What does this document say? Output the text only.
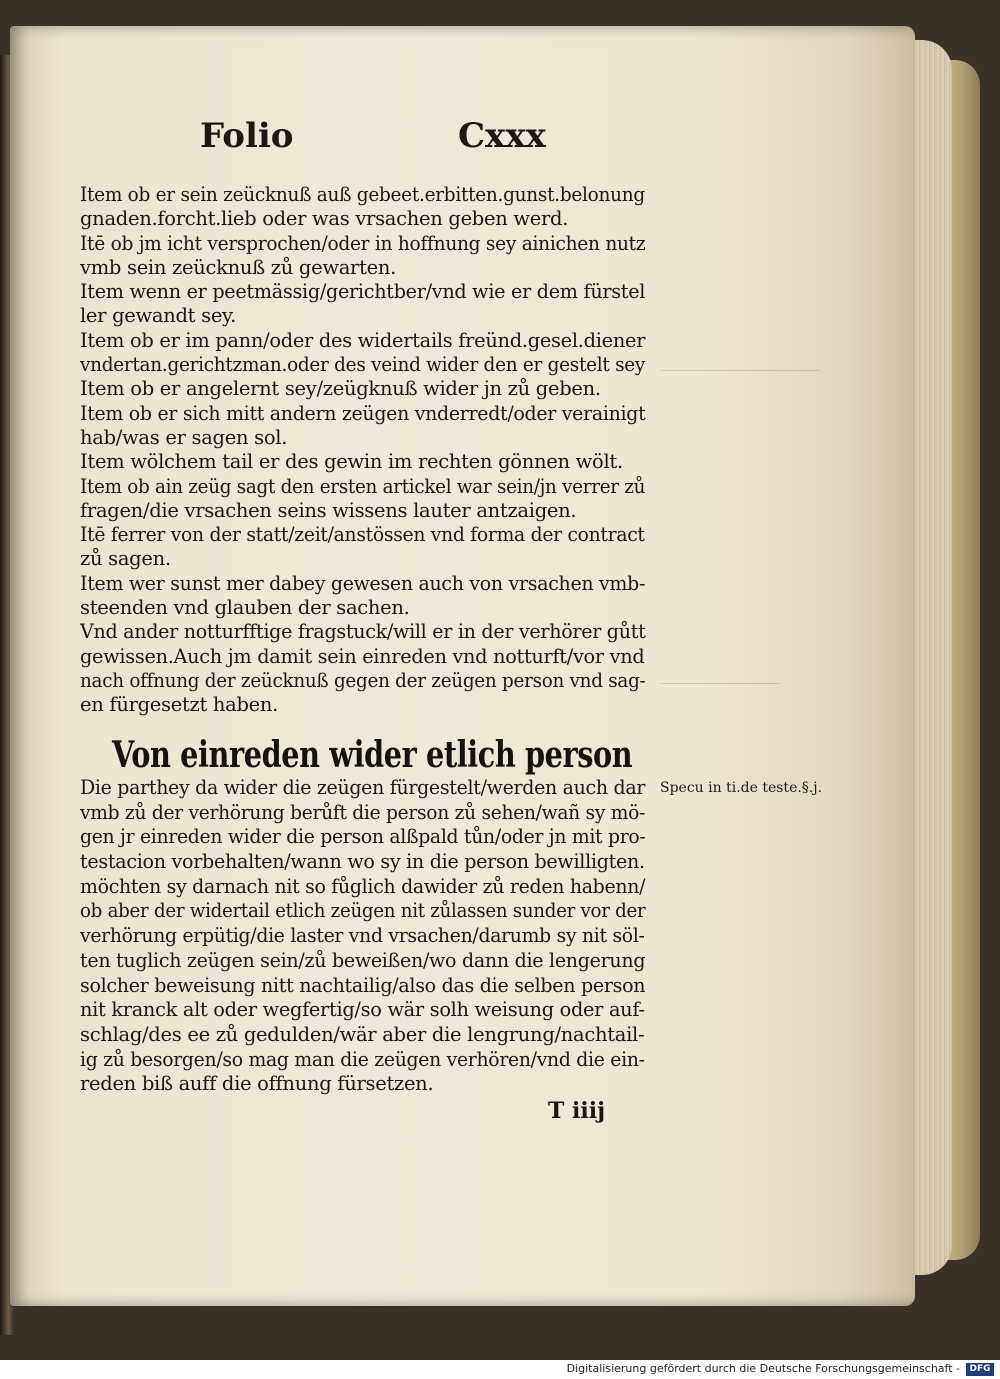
Folio	Cxxx
Item ob er sein zeücknuß auß gebeet.erbitten.gunst.belonung
gnaden.forcht.lieb oder was vrsachen geben werd.
Itē ob jm icht versprochen/oder in hoffnung sey ainichen nutz
vmb sein zeücknuß zů gewarten.
Item wenn er peetmässig/gerichtber/vnd wie er dem fürstel
ler gewandt sey.
Item ob er im pann/oder des widertails freünd.gesel.diener
vndertan.gerichtzman.oder des veind wider den er gestelt sey
Item ob er angelernt sey/zeügknuß wider jn zů geben.
Item ob er sich mitt andern zeügen vnderredt/oder verainigt
hab/was er sagen sol.
Item wölchem tail er des gewin im rechten gönnen wölt.
Item ob ain zeüg sagt den ersten artickel war sein/jn verrer zů
fragen/die vrsachen seins wissens lauter antzaigen.
Itē ferrer von der statt/zeit/anstössen vnd forma der contract
zů sagen.
Item wer sunst mer dabey gewesen auch von vrsachen vmb-
steenden vnd glauben der sachen.
Vnd ander notturfftige fragstuck/will er in der verhörer gůtt
gewissen.Auch jm damit sein einreden vnd notturft/vor vnd
nach offnung der zeücknuß gegen der zeügen person vnd sag-
en fürgesetzt haben.
Von einreden wider etlich person
Die parthey da wider die zeügen fürgestelt/werden auch dar
vmb zů der verhörung berůft die person zů sehen/wañ sy mö-
gen jr einreden wider die person alßpald tůn/oder jn mit pro-
testacion vorbehalten/wann wo sy in die person bewilligten.
möchten sy darnach nit so fůglich dawider zů reden habenn/
ob aber der widertail etlich zeügen nit zůlassen sunder vor der
verhörung erpütig/die laster vnd vrsachen/darumb sy nit söl-
ten tuglich zeügen sein/zů beweißen/wo dann die lengerung
solcher beweisung nitt nachtailig/also das die selben person
nit kranck alt oder wegfertig/so wär solh weisung oder auf-
schlag/des ee zů gedulden/wär aber die lengrung/nachtail-
ig zů besorgen/so mag man die zeügen verhören/vnd die ein-
reden biß auff die offnung fürsetzen.
Specu in ti.de teste.§.j.
T iiij
Digitalisierung gefördert durch die Deutsche Forschungsgemeinschaft -	DFG
